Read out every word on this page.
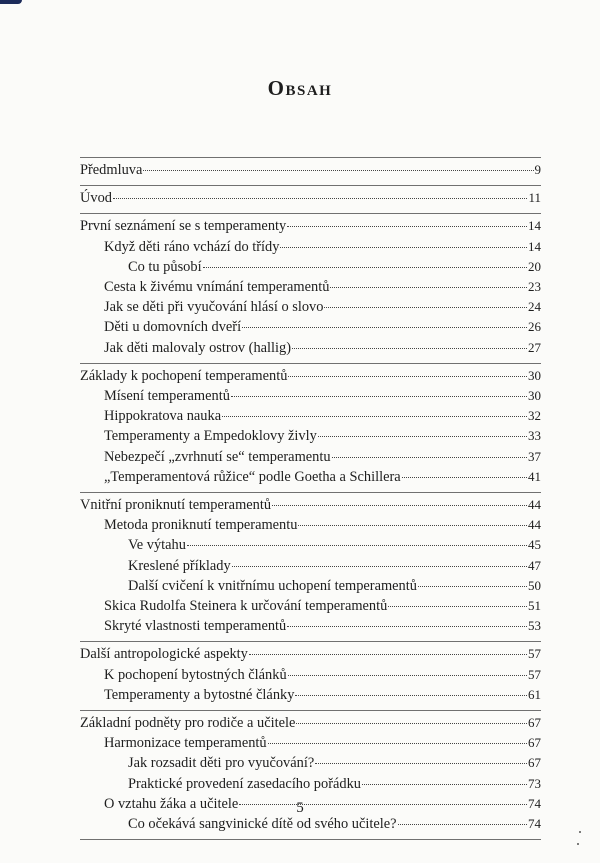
Obsah
Předmluva	9
Úvod	11
První seznámení se s temperamenty	14
Když děti ráno vchází do třídy	14
Co tu působí	20
Cesta k živému vnímání temperamentů	23
Jak se děti při vyučování hlásí o slovo	24
Děti u domovních dveří	26
Jak děti malovaly ostrov (hallig)	27
Základy k pochopení temperamentů	30
Mísení temperamentů	30
Hippokratova nauka	32
Temperamenty a Empedoklovy živly	33
Nebezpečí „zvrhnutí se“ temperamentu	37
„Temperamentová růžice“ podle Goetha a Schillera	41
Vnitřní proniknutí temperamentů	44
Metoda proniknutí temperamentu	44
Ve výtahu	45
Kreslené příklady	47
Další cvičení k vnitřnímu uchopení temperamentů	50
Skica Rudolfa Steinera k určování temperamentů	51
Skryté vlastnosti temperamentů	53
Další antropologické aspekty	57
K pochopení bytostných článků	57
Temperamenty a bytostné články	61
Základní podněty pro rodiče a učitele	67
Harmonizace temperamentů	67
Jak rozsadit děti pro vyučování?	67
Praktické provedení zasedacího pořádku	73
O vztahu žáka a učitele	74
Co očekává sangvinické dítě od svého učitele?	74
5
